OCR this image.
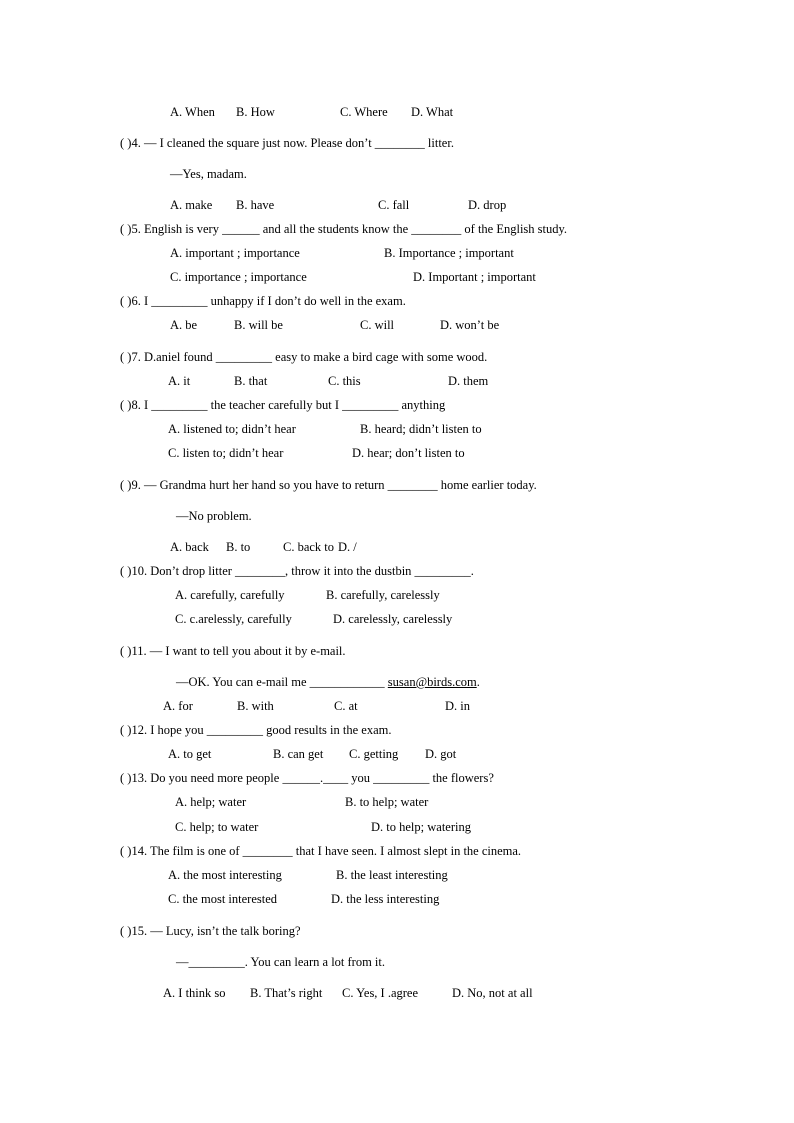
A. When B. How	C. Where D. What
( )4. — I cleaned the square just now. Please don’t ________ litter.
—Yes, madam.
A. make B. have	C. fall	D. drop
( )5. English is very ______ and all the students know the ________ of the English study.
A. important ; importance	B. Importance ; important
C. importance ; importance	D. Important ; important
( )6. I _________ unhappy if I don’t do well in the exam.
A. be	B. will be	C. will	D. won’t be
( )7. D.aniel found _________ easy to make a bird cage with some wood.
A. it	B. that	C. this	D. them
( )8. I _________ the teacher carefully but I _________ anything
A. listened to; didn’t hear	B. heard; didn’t listen to
C. listen to; didn’t hear	D. hear; don’t listen to
( )9. — Grandma hurt her hand so you have to return ________ home earlier today.
—No problem.
A. back B. to	C. back to D. /
( )10. Don’t drop litter ________, throw it into the dustbin _________.
A. carefully, carefully	B. carefully, carelessly
C. c.arelessly, carefully	D. carelessly, carelessly
( )11. — I want to tell you about it by e-mail.
—OK. You can e-mail me ____________ susan@birds.com.
A. for	B. with	C. at	D. in
( )12. I hope you _________ good results in the exam.
A. to get	B. can get C. getting D. got
( )13. Do you need more people ______.____ you _________ the flowers?
A. help; water	B. to help; water
C. help; to water	D. to help; watering
( )14. The film is one of ________ that I have seen. I almost slept in the cinema.
A. the most interesting	B. the least interesting
C. the most interested	D. the less interesting
( )15. — Lucy, isn’t the talk boring?
—_________. You can learn a lot from it.
A. I think so B. That’s right C. Yes, I .agree	D. No, not at all
